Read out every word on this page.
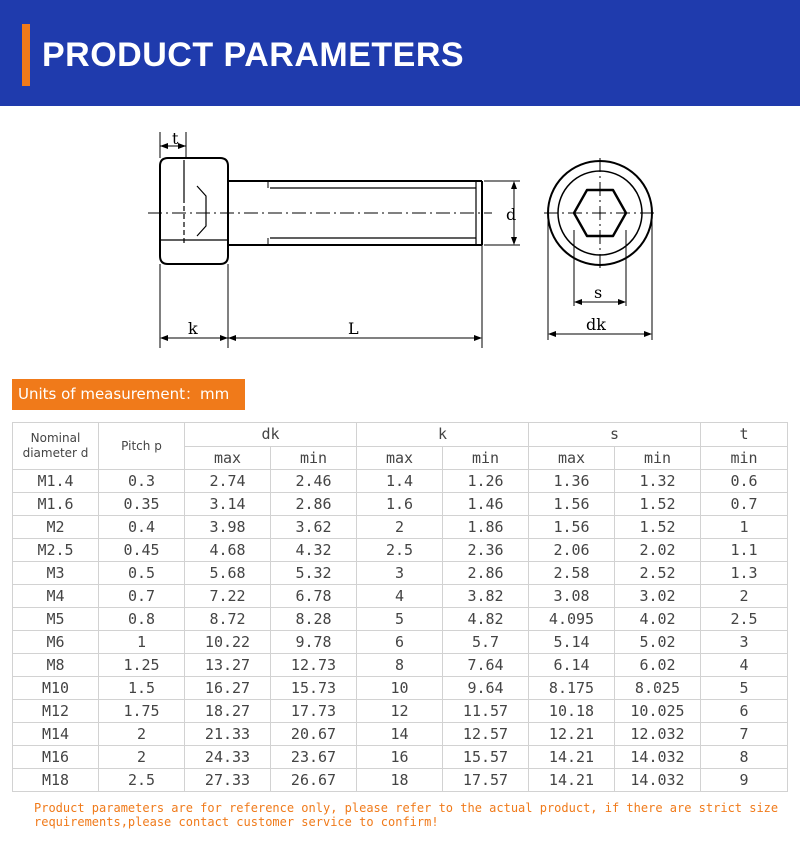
PRODUCT PARAMETERS
t
d
k	L
s
dk
Units of measurement：mm
Nominal
diameter d	Pitch p	dk		k		s		t
		max	min	max	min	max	min	min
M1.4	0.3	2.74	2.46	1.4	1.26	1.36	1.32	0.6
M1.6	0.35	3.14	2.86	1.6	1.46	1.56	1.52	0.7
M2	0.4	3.98	3.62	2	1.86	1.56	1.52	1
M2.5	0.45	4.68	4.32	2.5	2.36	2.06	2.02	1.1
M3	0.5	5.68	5.32	3	2.86	2.58	2.52	1.3
M4	0.7	7.22	6.78	4	3.82	3.08	3.02	2
M5	0.8	8.72	8.28	5	4.82	4.095	4.02	2.5
M6	1	10.22	9.78	6	5.7	5.14	5.02	3
M8	1.25	13.27	12.73	8	7.64	6.14	6.02	4
M10	1.5	16.27	15.73	10	9.64	8.175	8.025	5
M12	1.75	18.27	17.73	12	11.57	10.18	10.025	6
M14	2	21.33	20.67	14	12.57	12.21	12.032	7
M16	2	24.33	23.67	16	15.57	14.21	14.032	8
M18	2.5	27.33	26.67	18	17.57	14.21	14.032	9
Product parameters are for reference only, please refer to the actual product, if there are strict size
requirements,please contact customer service to confirm!
